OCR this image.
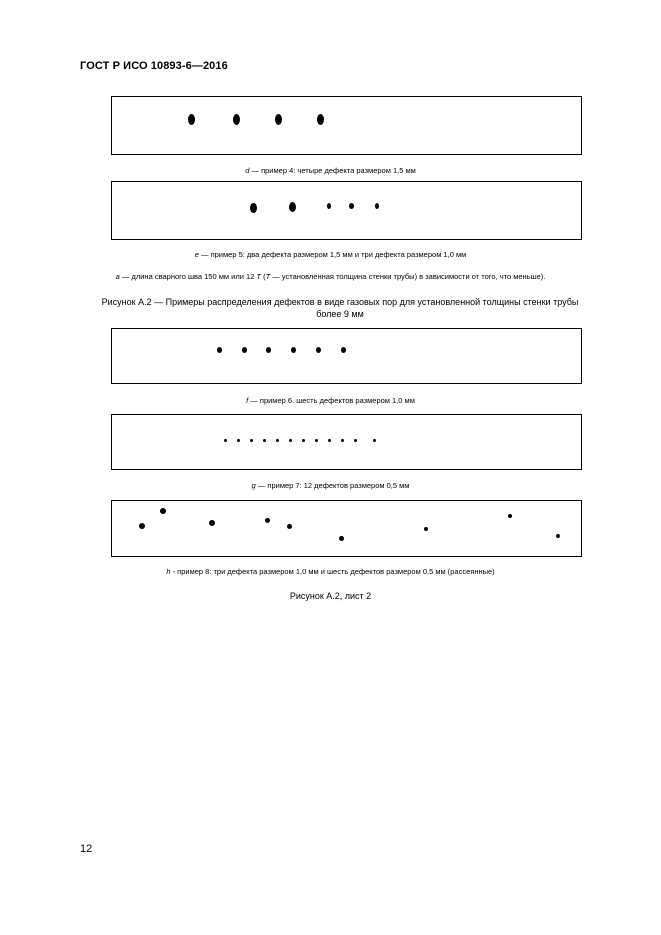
ГОСТ Р ИСО 10893-6—2016
d — пример 4: четыре дефекта размером 1,5 мм
e — пример 5: два дефекта размером 1,5 мм и три дефекта размером 1,0 мм
a — длина сварного шва 150 мм или 12 T (T — установленная толщина стенки трубы) в зависимости от того, что меньше).
Рисунок А.2 — Примеры распределения дефектов в виде газовых пор для установленной толщины стенки трубы
более 9 мм
f — пример 6. шесть дефектов размером 1,0 мм
g — пример 7: 12 дефектов размером 0,5 мм
h - пример 8: три дефекта размером 1,0 мм и шесть дефектов размером 0,5 мм (рассеянные)
Рисунок А.2, лист 2
12
